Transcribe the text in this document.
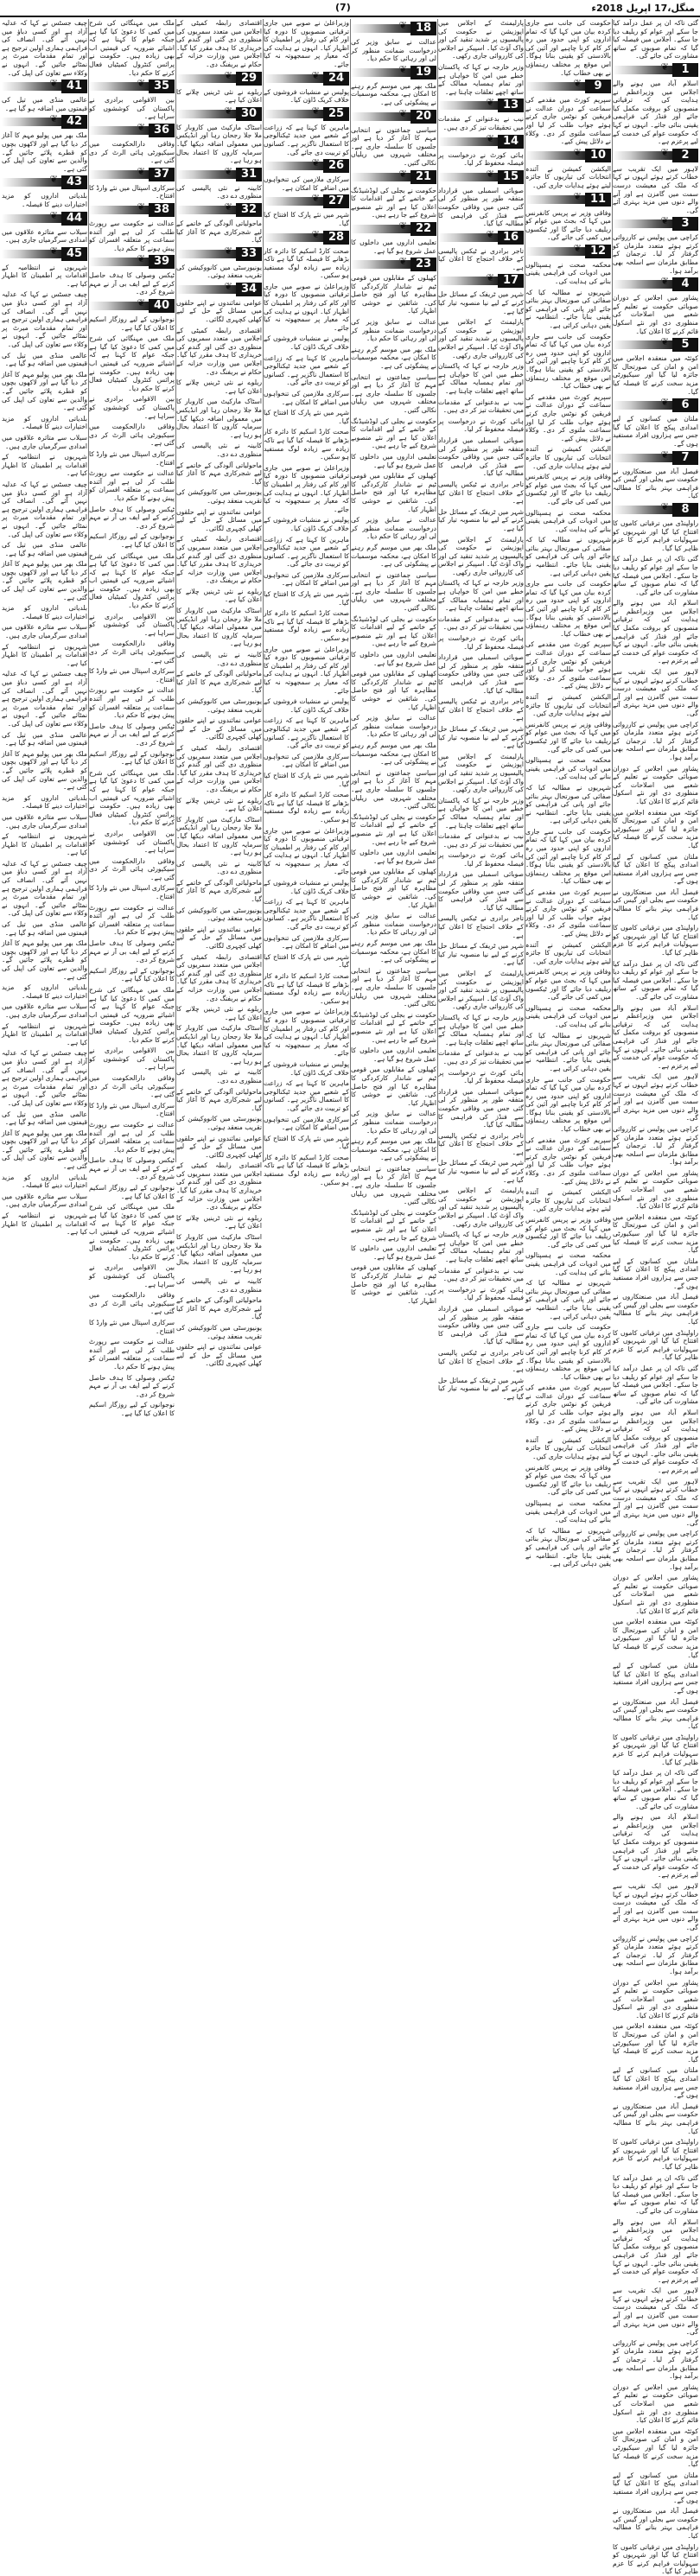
منگل،17 اپریل 2018ء
(7)

گئی تاکہ ان پر عمل درآمد کیا جا سکے اور عوام کو ریلیف دیا جا سکے۔ اجلاس میں فیصلہ کیا گیا کہ تمام صوبوں کے ساتھ مشاورت کی جائے گی۔

❦	1

اسلام آباد میں ہونے والے اجلاس میں وزیراعظم نے ہدایت کی کہ ترقیاتی منصوبوں کو بروقت مکمل کیا جائے اور فنڈز کی فراہمی یقینی بنائی جائے۔ انہوں نے کہا کہ حکومت عوام کی خدمت کے لیے پرعزم ہے۔

❦	2

لاہور میں ایک تقریب سے خطاب کرتے ہوئے انہوں نے کہا کہ ملک کی معیشت درست سمت میں گامزن ہے اور آنے والے دنوں میں مزید بہتری آئے گی۔

❦	3

کراچی میں پولیس نے کارروائی کرتے ہوئے متعدد ملزمان کو گرفتار کر لیا۔ ترجمان کے مطابق ملزمان سے اسلحہ بھی برآمد ہوا۔

❦	4

پشاور میں اجلاس کے دوران صوبائی حکومت نے تعلیم کے شعبے میں اصلاحات کی منظوری دی اور نئے اسکول قائم کرنے کا اعلان کیا۔

❦	5

کوئٹہ میں منعقدہ اجلاس میں امن و امان کی صورتحال کا جائزہ لیا گیا اور سیکیورٹی مزید سخت کرنے کا فیصلہ کیا گیا۔

❦	6

ملتان میں کسانوں کے لیے امدادی پیکج کا اعلان کیا گیا جس سے ہزاروں افراد مستفید ہوں گے۔

❦	7

فیصل آباد میں صنعتکاروں نے حکومت سے بجلی اور گیس کی فراہمی بہتر بنانے کا مطالبہ کیا۔

❦	8

راولپنڈی میں ترقیاتی کاموں کا افتتاح کیا گیا اور شہریوں کو سہولیات فراہم کرنے کا عزم ظاہر کیا گیا۔

گئی تاکہ ان پر عمل درآمد کیا جا سکے اور عوام کو ریلیف دیا جا سکے۔ اجلاس میں فیصلہ کیا گیا کہ تمام صوبوں کے ساتھ مشاورت کی جائے گی۔

اسلام آباد میں ہونے والے اجلاس میں وزیراعظم نے ہدایت کی کہ ترقیاتی منصوبوں کو بروقت مکمل کیا جائے اور فنڈز کی فراہمی یقینی بنائی جائے۔ انہوں نے کہا کہ حکومت عوام کی خدمت کے لیے پرعزم ہے۔

لاہور میں ایک تقریب سے خطاب کرتے ہوئے انہوں نے کہا کہ ملک کی معیشت درست سمت میں گامزن ہے اور آنے والے دنوں میں مزید بہتری آئے گی۔

کراچی میں پولیس نے کارروائی کرتے ہوئے متعدد ملزمان کو گرفتار کر لیا۔ ترجمان کے مطابق ملزمان سے اسلحہ بھی برآمد ہوا۔

پشاور میں اجلاس کے دوران صوبائی حکومت نے تعلیم کے شعبے میں اصلاحات کی منظوری دی اور نئے اسکول قائم کرنے کا اعلان کیا۔

کوئٹہ میں منعقدہ اجلاس میں امن و امان کی صورتحال کا جائزہ لیا گیا اور سیکیورٹی مزید سخت کرنے کا فیصلہ کیا گیا۔

ملتان میں کسانوں کے لیے امدادی پیکج کا اعلان کیا گیا جس سے ہزاروں افراد مستفید ہوں گے۔

فیصل آباد میں صنعتکاروں نے حکومت سے بجلی اور گیس کی فراہمی بہتر بنانے کا مطالبہ کیا۔

راولپنڈی میں ترقیاتی کاموں کا افتتاح کیا گیا اور شہریوں کو سہولیات فراہم کرنے کا عزم ظاہر کیا گیا۔

گئی تاکہ ان پر عمل درآمد کیا جا سکے اور عوام کو ریلیف دیا جا سکے۔ اجلاس میں فیصلہ کیا گیا کہ تمام صوبوں کے ساتھ مشاورت کی جائے گی۔

اسلام آباد میں ہونے والے اجلاس میں وزیراعظم نے ہدایت کی کہ ترقیاتی منصوبوں کو بروقت مکمل کیا جائے اور فنڈز کی فراہمی یقینی بنائی جائے۔ انہوں نے کہا کہ حکومت عوام کی خدمت کے لیے پرعزم ہے۔

لاہور میں ایک تقریب سے خطاب کرتے ہوئے انہوں نے کہا کہ ملک کی معیشت درست سمت میں گامزن ہے اور آنے والے دنوں میں مزید بہتری آئے گی۔

کراچی میں پولیس نے کارروائی کرتے ہوئے متعدد ملزمان کو گرفتار کر لیا۔ ترجمان کے مطابق ملزمان سے اسلحہ بھی برآمد ہوا۔

پشاور میں اجلاس کے دوران صوبائی حکومت نے تعلیم کے شعبے میں اصلاحات کی منظوری دی اور نئے اسکول قائم کرنے کا اعلان کیا۔

کوئٹہ میں منعقدہ اجلاس میں امن و امان کی صورتحال کا جائزہ لیا گیا اور سیکیورٹی مزید سخت کرنے کا فیصلہ کیا گیا۔

ملتان میں کسانوں کے لیے امدادی پیکج کا اعلان کیا گیا جس سے ہزاروں افراد مستفید ہوں گے۔

فیصل آباد میں صنعتکاروں نے حکومت سے بجلی اور گیس کی فراہمی بہتر بنانے کا مطالبہ کیا۔

راولپنڈی میں ترقیاتی کاموں کا افتتاح کیا گیا اور شہریوں کو سہولیات فراہم کرنے کا عزم ظاہر کیا گیا۔

گئی تاکہ ان پر عمل درآمد کیا جا سکے اور عوام کو ریلیف دیا جا سکے۔ اجلاس میں فیصلہ کیا گیا کہ تمام صوبوں کے ساتھ مشاورت کی جائے گی۔

اسلام آباد میں ہونے والے اجلاس میں وزیراعظم نے ہدایت کی کہ ترقیاتی منصوبوں کو بروقت مکمل کیا جائے اور فنڈز کی فراہمی یقینی بنائی جائے۔ انہوں نے کہا کہ حکومت عوام کی خدمت کے لیے پرعزم ہے۔

لاہور میں ایک تقریب سے خطاب کرتے ہوئے انہوں نے کہا کہ ملک کی معیشت درست سمت میں گامزن ہے اور آنے والے دنوں میں مزید بہتری آئے گی۔

کراچی میں پولیس نے کارروائی کرتے ہوئے متعدد ملزمان کو گرفتار کر لیا۔ ترجمان کے مطابق ملزمان سے اسلحہ بھی برآمد ہوا۔

پشاور میں اجلاس کے دوران صوبائی حکومت نے تعلیم کے شعبے میں اصلاحات کی منظوری دی اور نئے اسکول قائم کرنے کا اعلان کیا۔

کوئٹہ میں منعقدہ اجلاس میں امن و امان کی صورتحال کا جائزہ لیا گیا اور سیکیورٹی مزید سخت کرنے کا فیصلہ کیا گیا۔

ملتان میں کسانوں کے لیے امدادی پیکج کا اعلان کیا گیا جس سے ہزاروں افراد مستفید ہوں گے۔

فیصل آباد میں صنعتکاروں نے حکومت سے بجلی اور گیس کی فراہمی بہتر بنانے کا مطالبہ کیا۔

راولپنڈی میں ترقیاتی کاموں کا افتتاح کیا گیا اور شہریوں کو سہولیات فراہم کرنے کا عزم ظاہر کیا گیا۔

گئی تاکہ ان پر عمل درآمد کیا جا سکے اور عوام کو ریلیف دیا جا سکے۔ اجلاس میں فیصلہ کیا گیا کہ تمام صوبوں کے ساتھ مشاورت کی جائے گی۔

اسلام آباد میں ہونے والے اجلاس میں وزیراعظم نے ہدایت کی کہ ترقیاتی منصوبوں کو بروقت مکمل کیا جائے اور فنڈز کی فراہمی یقینی بنائی جائے۔ انہوں نے کہا کہ حکومت عوام کی خدمت کے لیے پرعزم ہے۔

لاہور میں ایک تقریب سے خطاب کرتے ہوئے انہوں نے کہا کہ ملک کی معیشت درست سمت میں گامزن ہے اور آنے والے دنوں میں مزید بہتری آئے گی۔

کراچی میں پولیس نے کارروائی کرتے ہوئے متعدد ملزمان کو گرفتار کر لیا۔ ترجمان کے مطابق ملزمان سے اسلحہ بھی برآمد ہوا۔

پشاور میں اجلاس کے دوران صوبائی حکومت نے تعلیم کے شعبے میں اصلاحات کی منظوری دی اور نئے اسکول قائم کرنے کا اعلان کیا۔

کوئٹہ میں منعقدہ اجلاس میں امن و امان کی صورتحال کا جائزہ لیا گیا اور سیکیورٹی مزید سخت کرنے کا فیصلہ کیا گیا۔

ملتان میں کسانوں کے لیے امدادی پیکج کا اعلان کیا گیا جس سے ہزاروں افراد مستفید ہوں گے۔

فیصل آباد میں صنعتکاروں نے حکومت سے بجلی اور گیس کی فراہمی بہتر بنانے کا مطالبہ کیا۔

راولپنڈی میں ترقیاتی کاموں کا افتتاح کیا گیا اور شہریوں کو سہولیات فراہم کرنے کا عزم ظاہر کیا گیا۔

گئی تاکہ ان پر عمل درآمد کیا جا سکے اور عوام کو ریلیف دیا جا سکے۔ اجلاس میں فیصلہ کیا گیا کہ تمام صوبوں کے ساتھ مشاورت کی جائے گی۔

اسلام آباد میں ہونے والے اجلاس میں وزیراعظم نے ہدایت کی کہ ترقیاتی منصوبوں کو بروقت مکمل کیا جائے اور فنڈز کی فراہمی یقینی بنائی جائے۔ انہوں نے کہا کہ حکومت عوام کی خدمت کے لیے پرعزم ہے۔

لاہور میں ایک تقریب سے خطاب کرتے ہوئے انہوں نے کہا کہ ملک کی معیشت درست سمت میں گامزن ہے اور آنے والے دنوں میں مزید بہتری آئے گی۔

کراچی میں پولیس نے کارروائی کرتے ہوئے متعدد ملزمان کو گرفتار کر لیا۔ ترجمان کے مطابق ملزمان سے اسلحہ بھی برآمد ہوا۔

پشاور میں اجلاس کے دوران صوبائی حکومت نے تعلیم کے شعبے میں اصلاحات کی منظوری دی اور نئے اسکول قائم کرنے کا اعلان کیا۔

کوئٹہ میں منعقدہ اجلاس میں امن و امان کی صورتحال کا جائزہ لیا گیا اور سیکیورٹی مزید سخت کرنے کا فیصلہ کیا گیا۔

ملتان میں کسانوں کے لیے امدادی پیکج کا اعلان کیا گیا جس سے ہزاروں افراد مستفید ہوں گے۔

فیصل آباد میں صنعتکاروں نے حکومت سے بجلی اور گیس کی فراہمی بہتر بنانے کا مطالبہ کیا۔

راولپنڈی میں ترقیاتی کاموں کا افتتاح کیا گیا اور شہریوں کو سہولیات فراہم کرنے کا عزم ظاہر کیا گیا۔

حکومت کی جانب سے جاری کردہ بیان میں کہا گیا کہ تمام اداروں کو اپنی حدود میں رہ کر کام کرنا چاہیے اور آئین کی بالادستی کو یقینی بنانا ہوگا۔ اس موقع پر مختلف رہنماؤں نے بھی خطاب کیا۔

❦	9

سپریم کورٹ میں مقدمے کی سماعت کے دوران عدالت نے فریقین کو نوٹس جاری کرتے ہوئے جواب طلب کر لیا اور سماعت ملتوی کر دی۔ وکلاء نے دلائل پیش کیے۔

❦ 10

الیکشن کمیشن نے آئندہ انتخابات کی تیاریوں کا جائزہ لیتے ہوئے ہدایات جاری کیں۔

❦ 11

وفاقی وزیر نے پریس کانفرنس میں کہا کہ بجٹ میں عوام کو ریلیف دیا جائے گا اور ٹیکسوں میں کمی کی جائے گی۔

❦ 12

محکمہ صحت نے ہسپتالوں میں ادویات کی فراہمی یقینی بنانے کی ہدایت کی۔

شہریوں نے مطالبہ کیا کہ صفائی کی صورتحال بہتر بنائی جائے اور پانی کی فراہمی کو یقینی بنایا جائے۔ انتظامیہ نے یقین دہانی کرائی ہے۔

حکومت کی جانب سے جاری کردہ بیان میں کہا گیا کہ تمام اداروں کو اپنی حدود میں رہ کر کام کرنا چاہیے اور آئین کی بالادستی کو یقینی بنانا ہوگا۔ اس موقع پر مختلف رہنماؤں نے بھی خطاب کیا۔

سپریم کورٹ میں مقدمے کی سماعت کے دوران عدالت نے فریقین کو نوٹس جاری کرتے ہوئے جواب طلب کر لیا اور سماعت ملتوی کر دی۔ وکلاء نے دلائل پیش کیے۔

الیکشن کمیشن نے آئندہ انتخابات کی تیاریوں کا جائزہ لیتے ہوئے ہدایات جاری کیں۔

وفاقی وزیر نے پریس کانفرنس میں کہا کہ بجٹ میں عوام کو ریلیف دیا جائے گا اور ٹیکسوں میں کمی کی جائے گی۔

محکمہ صحت نے ہسپتالوں میں ادویات کی فراہمی یقینی بنانے کی ہدایت کی۔

شہریوں نے مطالبہ کیا کہ صفائی کی صورتحال بہتر بنائی جائے اور پانی کی فراہمی کو یقینی بنایا جائے۔ انتظامیہ نے یقین دہانی کرائی ہے۔

حکومت کی جانب سے جاری کردہ بیان میں کہا گیا کہ تمام اداروں کو اپنی حدود میں رہ کر کام کرنا چاہیے اور آئین کی بالادستی کو یقینی بنانا ہوگا۔ اس موقع پر مختلف رہنماؤں نے بھی خطاب کیا۔

سپریم کورٹ میں مقدمے کی سماعت کے دوران عدالت نے فریقین کو نوٹس جاری کرتے ہوئے جواب طلب کر لیا اور سماعت ملتوی کر دی۔ وکلاء نے دلائل پیش کیے۔

الیکشن کمیشن نے آئندہ انتخابات کی تیاریوں کا جائزہ لیتے ہوئے ہدایات جاری کیں۔

وفاقی وزیر نے پریس کانفرنس میں کہا کہ بجٹ میں عوام کو ریلیف دیا جائے گا اور ٹیکسوں میں کمی کی جائے گی۔

محکمہ صحت نے ہسپتالوں میں ادویات کی فراہمی یقینی بنانے کی ہدایت کی۔

شہریوں نے مطالبہ کیا کہ صفائی کی صورتحال بہتر بنائی جائے اور پانی کی فراہمی کو یقینی بنایا جائے۔ انتظامیہ نے یقین دہانی کرائی ہے۔

حکومت کی جانب سے جاری کردہ بیان میں کہا گیا کہ تمام اداروں کو اپنی حدود میں رہ کر کام کرنا چاہیے اور آئین کی بالادستی کو یقینی بنانا ہوگا۔ اس موقع پر مختلف رہنماؤں نے بھی خطاب کیا۔

سپریم کورٹ میں مقدمے کی سماعت کے دوران عدالت نے فریقین کو نوٹس جاری کرتے ہوئے جواب طلب کر لیا اور سماعت ملتوی کر دی۔ وکلاء نے دلائل پیش کیے۔

الیکشن کمیشن نے آئندہ انتخابات کی تیاریوں کا جائزہ لیتے ہوئے ہدایات جاری کیں۔

وفاقی وزیر نے پریس کانفرنس میں کہا کہ بجٹ میں عوام کو ریلیف دیا جائے گا اور ٹیکسوں میں کمی کی جائے گی۔

محکمہ صحت نے ہسپتالوں میں ادویات کی فراہمی یقینی بنانے کی ہدایت کی۔

شہریوں نے مطالبہ کیا کہ صفائی کی صورتحال بہتر بنائی جائے اور پانی کی فراہمی کو یقینی بنایا جائے۔ انتظامیہ نے یقین دہانی کرائی ہے۔

حکومت کی جانب سے جاری کردہ بیان میں کہا گیا کہ تمام اداروں کو اپنی حدود میں رہ کر کام کرنا چاہیے اور آئین کی بالادستی کو یقینی بنانا ہوگا۔ اس موقع پر مختلف رہنماؤں نے بھی خطاب کیا۔

سپریم کورٹ میں مقدمے کی سماعت کے دوران عدالت نے فریقین کو نوٹس جاری کرتے ہوئے جواب طلب کر لیا اور سماعت ملتوی کر دی۔ وکلاء نے دلائل پیش کیے۔

الیکشن کمیشن نے آئندہ انتخابات کی تیاریوں کا جائزہ لیتے ہوئے ہدایات جاری کیں۔

وفاقی وزیر نے پریس کانفرنس میں کہا کہ بجٹ میں عوام کو ریلیف دیا جائے گا اور ٹیکسوں میں کمی کی جائے گی۔

محکمہ صحت نے ہسپتالوں میں ادویات کی فراہمی یقینی بنانے کی ہدایت کی۔

شہریوں نے مطالبہ کیا کہ صفائی کی صورتحال بہتر بنائی جائے اور پانی کی فراہمی کو یقینی بنایا جائے۔ انتظامیہ نے یقین دہانی کرائی ہے۔

حکومت کی جانب سے جاری کردہ بیان میں کہا گیا کہ تمام اداروں کو اپنی حدود میں رہ کر کام کرنا چاہیے اور آئین کی بالادستی کو یقینی بنانا ہوگا۔ اس موقع پر مختلف رہنماؤں نے بھی خطاب کیا۔

سپریم کورٹ میں مقدمے کی سماعت کے دوران عدالت نے فریقین کو نوٹس جاری کرتے ہوئے جواب طلب کر لیا اور سماعت ملتوی کر دی۔ وکلاء نے دلائل پیش کیے۔

الیکشن کمیشن نے آئندہ انتخابات کی تیاریوں کا جائزہ لیتے ہوئے ہدایات جاری کیں۔

وفاقی وزیر نے پریس کانفرنس میں کہا کہ بجٹ میں عوام کو ریلیف دیا جائے گا اور ٹیکسوں میں کمی کی جائے گی۔

محکمہ صحت نے ہسپتالوں میں ادویات کی فراہمی یقینی بنانے کی ہدایت کی۔

شہریوں نے مطالبہ کیا کہ صفائی کی صورتحال بہتر بنائی جائے اور پانی کی فراہمی کو یقینی بنایا جائے۔ انتظامیہ نے یقین دہانی کرائی ہے۔

پارلیمنٹ کے اجلاس میں اپوزیشن نے حکومت کی پالیسیوں پر شدید تنقید کی اور واک آؤٹ کیا۔ اسپیکر نے اجلاس کی کارروائی جاری رکھی۔

وزیر خارجہ نے کہا کہ پاکستان خطے میں امن کا خواہاں ہے اور تمام ہمسایہ ممالک کے ساتھ اچھے تعلقات چاہتا ہے۔

❦ 13

نیب نے بدعنوانی کے مقدمات میں تحقیقات تیز کر دی ہیں۔

❦ 14

ہائی کورٹ نے درخواست پر فیصلہ محفوظ کر لیا۔

❦ 15

صوبائی اسمبلی میں قرارداد متفقہ طور پر منظور کر لی گئی جس میں وفاقی حکومت سے فنڈز کی فراہمی کا مطالبہ کیا گیا۔

❦ 16

تاجر برادری نے ٹیکس پالیسی کے خلاف احتجاج کا اعلان کیا ہے۔

❦ 17

شہر میں ٹریفک کے مسائل حل کرنے کے لیے نیا منصوبہ تیار کیا گیا ہے۔

پارلیمنٹ کے اجلاس میں اپوزیشن نے حکومت کی پالیسیوں پر شدید تنقید کی اور واک آؤٹ کیا۔ اسپیکر نے اجلاس کی کارروائی جاری رکھی۔

وزیر خارجہ نے کہا کہ پاکستان خطے میں امن کا خواہاں ہے اور تمام ہمسایہ ممالک کے ساتھ اچھے تعلقات چاہتا ہے۔

نیب نے بدعنوانی کے مقدمات میں تحقیقات تیز کر دی ہیں۔

ہائی کورٹ نے درخواست پر فیصلہ محفوظ کر لیا۔

صوبائی اسمبلی میں قرارداد متفقہ طور پر منظور کر لی گئی جس میں وفاقی حکومت سے فنڈز کی فراہمی کا مطالبہ کیا گیا۔

تاجر برادری نے ٹیکس پالیسی کے خلاف احتجاج کا اعلان کیا ہے۔

شہر میں ٹریفک کے مسائل حل کرنے کے لیے نیا منصوبہ تیار کیا گیا ہے۔

پارلیمنٹ کے اجلاس میں اپوزیشن نے حکومت کی پالیسیوں پر شدید تنقید کی اور واک آؤٹ کیا۔ اسپیکر نے اجلاس کی کارروائی جاری رکھی۔

وزیر خارجہ نے کہا کہ پاکستان خطے میں امن کا خواہاں ہے اور تمام ہمسایہ ممالک کے ساتھ اچھے تعلقات چاہتا ہے۔

نیب نے بدعنوانی کے مقدمات میں تحقیقات تیز کر دی ہیں۔

ہائی کورٹ نے درخواست پر فیصلہ محفوظ کر لیا۔

صوبائی اسمبلی میں قرارداد متفقہ طور پر منظور کر لی گئی جس میں وفاقی حکومت سے فنڈز کی فراہمی کا مطالبہ کیا گیا۔

تاجر برادری نے ٹیکس پالیسی کے خلاف احتجاج کا اعلان کیا ہے۔

شہر میں ٹریفک کے مسائل حل کرنے کے لیے نیا منصوبہ تیار کیا گیا ہے۔

پارلیمنٹ کے اجلاس میں اپوزیشن نے حکومت کی پالیسیوں پر شدید تنقید کی اور واک آؤٹ کیا۔ اسپیکر نے اجلاس کی کارروائی جاری رکھی۔

وزیر خارجہ نے کہا کہ پاکستان خطے میں امن کا خواہاں ہے اور تمام ہمسایہ ممالک کے ساتھ اچھے تعلقات چاہتا ہے۔

نیب نے بدعنوانی کے مقدمات میں تحقیقات تیز کر دی ہیں۔

ہائی کورٹ نے درخواست پر فیصلہ محفوظ کر لیا۔

صوبائی اسمبلی میں قرارداد متفقہ طور پر منظور کر لی گئی جس میں وفاقی حکومت سے فنڈز کی فراہمی کا مطالبہ کیا گیا۔

تاجر برادری نے ٹیکس پالیسی کے خلاف احتجاج کا اعلان کیا ہے۔

شہر میں ٹریفک کے مسائل حل کرنے کے لیے نیا منصوبہ تیار کیا گیا ہے۔

پارلیمنٹ کے اجلاس میں اپوزیشن نے حکومت کی پالیسیوں پر شدید تنقید کی اور واک آؤٹ کیا۔ اسپیکر نے اجلاس کی کارروائی جاری رکھی۔

وزیر خارجہ نے کہا کہ پاکستان خطے میں امن کا خواہاں ہے اور تمام ہمسایہ ممالک کے ساتھ اچھے تعلقات چاہتا ہے۔

نیب نے بدعنوانی کے مقدمات میں تحقیقات تیز کر دی ہیں۔

ہائی کورٹ نے درخواست پر فیصلہ محفوظ کر لیا۔

صوبائی اسمبلی میں قرارداد متفقہ طور پر منظور کر لی گئی جس میں وفاقی حکومت سے فنڈز کی فراہمی کا مطالبہ کیا گیا۔

تاجر برادری نے ٹیکس پالیسی کے خلاف احتجاج کا اعلان کیا ہے۔

شہر میں ٹریفک کے مسائل حل کرنے کے لیے نیا منصوبہ تیار کیا گیا ہے۔

پارلیمنٹ کے اجلاس میں اپوزیشن نے حکومت کی پالیسیوں پر شدید تنقید کی اور واک آؤٹ کیا۔ اسپیکر نے اجلاس کی کارروائی جاری رکھی۔

وزیر خارجہ نے کہا کہ پاکستان خطے میں امن کا خواہاں ہے اور تمام ہمسایہ ممالک کے ساتھ اچھے تعلقات چاہتا ہے۔

نیب نے بدعنوانی کے مقدمات میں تحقیقات تیز کر دی ہیں۔

ہائی کورٹ نے درخواست پر فیصلہ محفوظ کر لیا۔

صوبائی اسمبلی میں قرارداد متفقہ طور پر منظور کر لی گئی جس میں وفاقی حکومت سے فنڈز کی فراہمی کا مطالبہ کیا گیا۔

تاجر برادری نے ٹیکس پالیسی کے خلاف احتجاج کا اعلان کیا ہے۔

شہر میں ٹریفک کے مسائل حل کرنے کے لیے نیا منصوبہ تیار کیا گیا ہے۔

❦ 18

عدالت نے سابق وزیر کی درخواست ضمانت منظور کر لی اور رہائی کا حکم دیا۔

❦ 19

ملک بھر میں موسم گرم رہنے کا امکان ہے، محکمہ موسمیات نے پیشگوئی کی ہے۔

❦ 20

سیاسی جماعتوں نے انتخابی مہم کا آغاز کر دیا ہے اور جلسوں کا سلسلہ جاری ہے۔ مختلف شہروں میں ریلیاں نکالی گئیں۔

❦ 21

حکومت نے بجلی کی لوڈشیڈنگ کے خاتمے کے لیے اقدامات کا اعلان کیا ہے اور نئے منصوبے شروع کیے جا رہے ہیں۔

❦ 22

تعلیمی اداروں میں داخلوں کا عمل شروع ہو گیا ہے۔

❦ 23

کھیلوں کے مقابلوں میں قومی ٹیم نے شاندار کارکردگی کا مظاہرہ کیا اور فتح حاصل کی۔ شائقین نے خوشی کا اظہار کیا۔

عدالت نے سابق وزیر کی درخواست ضمانت منظور کر لی اور رہائی کا حکم دیا۔

ملک بھر میں موسم گرم رہنے کا امکان ہے، محکمہ موسمیات نے پیشگوئی کی ہے۔

سیاسی جماعتوں نے انتخابی مہم کا آغاز کر دیا ہے اور جلسوں کا سلسلہ جاری ہے۔ مختلف شہروں میں ریلیاں نکالی گئیں۔

حکومت نے بجلی کی لوڈشیڈنگ کے خاتمے کے لیے اقدامات کا اعلان کیا ہے اور نئے منصوبے شروع کیے جا رہے ہیں۔

تعلیمی اداروں میں داخلوں کا عمل شروع ہو گیا ہے۔

کھیلوں کے مقابلوں میں قومی ٹیم نے شاندار کارکردگی کا مظاہرہ کیا اور فتح حاصل کی۔ شائقین نے خوشی کا اظہار کیا۔

عدالت نے سابق وزیر کی درخواست ضمانت منظور کر لی اور رہائی کا حکم دیا۔

ملک بھر میں موسم گرم رہنے کا امکان ہے، محکمہ موسمیات نے پیشگوئی کی ہے۔

سیاسی جماعتوں نے انتخابی مہم کا آغاز کر دیا ہے اور جلسوں کا سلسلہ جاری ہے۔ مختلف شہروں میں ریلیاں نکالی گئیں۔

حکومت نے بجلی کی لوڈشیڈنگ کے خاتمے کے لیے اقدامات کا اعلان کیا ہے اور نئے منصوبے شروع کیے جا رہے ہیں۔

تعلیمی اداروں میں داخلوں کا عمل شروع ہو گیا ہے۔

کھیلوں کے مقابلوں میں قومی ٹیم نے شاندار کارکردگی کا مظاہرہ کیا اور فتح حاصل کی۔ شائقین نے خوشی کا اظہار کیا۔

عدالت نے سابق وزیر کی درخواست ضمانت منظور کر لی اور رہائی کا حکم دیا۔

ملک بھر میں موسم گرم رہنے کا امکان ہے، محکمہ موسمیات نے پیشگوئی کی ہے۔

سیاسی جماعتوں نے انتخابی مہم کا آغاز کر دیا ہے اور جلسوں کا سلسلہ جاری ہے۔ مختلف شہروں میں ریلیاں نکالی گئیں۔

حکومت نے بجلی کی لوڈشیڈنگ کے خاتمے کے لیے اقدامات کا اعلان کیا ہے اور نئے منصوبے شروع کیے جا رہے ہیں۔

تعلیمی اداروں میں داخلوں کا عمل شروع ہو گیا ہے۔

کھیلوں کے مقابلوں میں قومی ٹیم نے شاندار کارکردگی کا مظاہرہ کیا اور فتح حاصل کی۔ شائقین نے خوشی کا اظہار کیا۔

عدالت نے سابق وزیر کی درخواست ضمانت منظور کر لی اور رہائی کا حکم دیا۔

ملک بھر میں موسم گرم رہنے کا امکان ہے، محکمہ موسمیات نے پیشگوئی کی ہے۔

سیاسی جماعتوں نے انتخابی مہم کا آغاز کر دیا ہے اور جلسوں کا سلسلہ جاری ہے۔ مختلف شہروں میں ریلیاں نکالی گئیں۔

حکومت نے بجلی کی لوڈشیڈنگ کے خاتمے کے لیے اقدامات کا اعلان کیا ہے اور نئے منصوبے شروع کیے جا رہے ہیں۔

تعلیمی اداروں میں داخلوں کا عمل شروع ہو گیا ہے۔

کھیلوں کے مقابلوں میں قومی ٹیم نے شاندار کارکردگی کا مظاہرہ کیا اور فتح حاصل کی۔ شائقین نے خوشی کا اظہار کیا۔

عدالت نے سابق وزیر کی درخواست ضمانت منظور کر لی اور رہائی کا حکم دیا۔

ملک بھر میں موسم گرم رہنے کا امکان ہے، محکمہ موسمیات نے پیشگوئی کی ہے۔

سیاسی جماعتوں نے انتخابی مہم کا آغاز کر دیا ہے اور جلسوں کا سلسلہ جاری ہے۔ مختلف شہروں میں ریلیاں نکالی گئیں۔

حکومت نے بجلی کی لوڈشیڈنگ کے خاتمے کے لیے اقدامات کا اعلان کیا ہے اور نئے منصوبے شروع کیے جا رہے ہیں۔

تعلیمی اداروں میں داخلوں کا عمل شروع ہو گیا ہے۔

کھیلوں کے مقابلوں میں قومی ٹیم نے شاندار کارکردگی کا مظاہرہ کیا اور فتح حاصل کی۔ شائقین نے خوشی کا اظہار کیا۔

وزیراعلیٰ نے صوبے میں جاری ترقیاتی منصوبوں کا دورہ کیا اور کام کی رفتار پر اطمینان کا اظہار کیا۔ انہوں نے ہدایت کی کہ معیار پر سمجھوتہ نہ کیا جائے۔

❦ 24

پولیس نے منشیات فروشوں کے خلاف کریک ڈاؤن کیا۔

❦ 25

ماہرین کا کہنا ہے کہ زراعت کے شعبے میں جدید ٹیکنالوجی کا استعمال ناگزیر ہے۔ کسانوں کو تربیت دی جائے گی۔

❦ 26

سرکاری ملازمین کی تنخواہوں میں اضافے کا امکان ہے۔

❦ 27

شہر میں نئے پارک کا افتتاح کیا گیا۔

❦ 28

صحت کارڈ اسکیم کا دائرہ کار بڑھانے کا فیصلہ کیا گیا ہے تاکہ زیادہ سے زیادہ لوگ مستفید ہو سکیں۔

وزیراعلیٰ نے صوبے میں جاری ترقیاتی منصوبوں کا دورہ کیا اور کام کی رفتار پر اطمینان کا اظہار کیا۔ انہوں نے ہدایت کی کہ معیار پر سمجھوتہ نہ کیا جائے۔

پولیس نے منشیات فروشوں کے خلاف کریک ڈاؤن کیا۔

ماہرین کا کہنا ہے کہ زراعت کے شعبے میں جدید ٹیکنالوجی کا استعمال ناگزیر ہے۔ کسانوں کو تربیت دی جائے گی۔

سرکاری ملازمین کی تنخواہوں میں اضافے کا امکان ہے۔

شہر میں نئے پارک کا افتتاح کیا گیا۔

صحت کارڈ اسکیم کا دائرہ کار بڑھانے کا فیصلہ کیا گیا ہے تاکہ زیادہ سے زیادہ لوگ مستفید ہو سکیں۔

وزیراعلیٰ نے صوبے میں جاری ترقیاتی منصوبوں کا دورہ کیا اور کام کی رفتار پر اطمینان کا اظہار کیا۔ انہوں نے ہدایت کی کہ معیار پر سمجھوتہ نہ کیا جائے۔

پولیس نے منشیات فروشوں کے خلاف کریک ڈاؤن کیا۔

ماہرین کا کہنا ہے کہ زراعت کے شعبے میں جدید ٹیکنالوجی کا استعمال ناگزیر ہے۔ کسانوں کو تربیت دی جائے گی۔

سرکاری ملازمین کی تنخواہوں میں اضافے کا امکان ہے۔

شہر میں نئے پارک کا افتتاح کیا گیا۔

صحت کارڈ اسکیم کا دائرہ کار بڑھانے کا فیصلہ کیا گیا ہے تاکہ زیادہ سے زیادہ لوگ مستفید ہو سکیں۔

وزیراعلیٰ نے صوبے میں جاری ترقیاتی منصوبوں کا دورہ کیا اور کام کی رفتار پر اطمینان کا اظہار کیا۔ انہوں نے ہدایت کی کہ معیار پر سمجھوتہ نہ کیا جائے۔

پولیس نے منشیات فروشوں کے خلاف کریک ڈاؤن کیا۔

ماہرین کا کہنا ہے کہ زراعت کے شعبے میں جدید ٹیکنالوجی کا استعمال ناگزیر ہے۔ کسانوں کو تربیت دی جائے گی۔

سرکاری ملازمین کی تنخواہوں میں اضافے کا امکان ہے۔

شہر میں نئے پارک کا افتتاح کیا گیا۔

صحت کارڈ اسکیم کا دائرہ کار بڑھانے کا فیصلہ کیا گیا ہے تاکہ زیادہ سے زیادہ لوگ مستفید ہو سکیں۔

وزیراعلیٰ نے صوبے میں جاری ترقیاتی منصوبوں کا دورہ کیا اور کام کی رفتار پر اطمینان کا اظہار کیا۔ انہوں نے ہدایت کی کہ معیار پر سمجھوتہ نہ کیا جائے۔

پولیس نے منشیات فروشوں کے خلاف کریک ڈاؤن کیا۔

ماہرین کا کہنا ہے کہ زراعت کے شعبے میں جدید ٹیکنالوجی کا استعمال ناگزیر ہے۔ کسانوں کو تربیت دی جائے گی۔

سرکاری ملازمین کی تنخواہوں میں اضافے کا امکان ہے۔

شہر میں نئے پارک کا افتتاح کیا گیا۔

صحت کارڈ اسکیم کا دائرہ کار بڑھانے کا فیصلہ کیا گیا ہے تاکہ زیادہ سے زیادہ لوگ مستفید ہو سکیں۔

وزیراعلیٰ نے صوبے میں جاری ترقیاتی منصوبوں کا دورہ کیا اور کام کی رفتار پر اطمینان کا اظہار کیا۔ انہوں نے ہدایت کی کہ معیار پر سمجھوتہ نہ کیا جائے۔

پولیس نے منشیات فروشوں کے خلاف کریک ڈاؤن کیا۔

ماہرین کا کہنا ہے کہ زراعت کے شعبے میں جدید ٹیکنالوجی کا استعمال ناگزیر ہے۔ کسانوں کو تربیت دی جائے گی۔

سرکاری ملازمین کی تنخواہوں میں اضافے کا امکان ہے۔

شہر میں نئے پارک کا افتتاح کیا گیا۔

صحت کارڈ اسکیم کا دائرہ کار بڑھانے کا فیصلہ کیا گیا ہے تاکہ زیادہ سے زیادہ لوگ مستفید ہو سکیں۔

اقتصادی رابطہ کمیٹی کے اجلاس میں متعدد سمریوں کی منظوری دی گئی اور گندم کی خریداری کا ہدف مقرر کیا گیا۔ اجلاس میں وزارت خزانہ کے حکام نے بریفنگ دی۔

❦ 29

ریلوے نے نئی ٹرینیں چلانے کا اعلان کیا ہے۔

❦ 30

اسٹاک مارکیٹ میں کاروبار کا ملا جلا رجحان رہا اور انڈیکس میں معمولی اضافہ دیکھا گیا۔ سرمایہ کاروں کا اعتماد بحال ہو رہا ہے۔

❦ 31

کابینہ نے نئی پالیسی کی منظوری دے دی۔

❦ 32

ماحولیاتی آلودگی کے خاتمے کے لیے شجرکاری مہم کا آغاز کیا گیا۔

❦ 33

یونیورسٹی میں کانووکیشن کی تقریب منعقد ہوئی۔

❦ 34

عوامی نمائندوں نے اپنے حلقوں میں مسائل کے حل کے لیے کھلی کچہری لگائی۔

اقتصادی رابطہ کمیٹی کے اجلاس میں متعدد سمریوں کی منظوری دی گئی اور گندم کی خریداری کا ہدف مقرر کیا گیا۔ اجلاس میں وزارت خزانہ کے حکام نے بریفنگ دی۔

ریلوے نے نئی ٹرینیں چلانے کا اعلان کیا ہے۔

اسٹاک مارکیٹ میں کاروبار کا ملا جلا رجحان رہا اور انڈیکس میں معمولی اضافہ دیکھا گیا۔ سرمایہ کاروں کا اعتماد بحال ہو رہا ہے۔

کابینہ نے نئی پالیسی کی منظوری دے دی۔

ماحولیاتی آلودگی کے خاتمے کے لیے شجرکاری مہم کا آغاز کیا گیا۔

یونیورسٹی میں کانووکیشن کی تقریب منعقد ہوئی۔

عوامی نمائندوں نے اپنے حلقوں میں مسائل کے حل کے لیے کھلی کچہری لگائی۔

اقتصادی رابطہ کمیٹی کے اجلاس میں متعدد سمریوں کی منظوری دی گئی اور گندم کی خریداری کا ہدف مقرر کیا گیا۔ اجلاس میں وزارت خزانہ کے حکام نے بریفنگ دی۔

ریلوے نے نئی ٹرینیں چلانے کا اعلان کیا ہے۔

اسٹاک مارکیٹ میں کاروبار کا ملا جلا رجحان رہا اور انڈیکس میں معمولی اضافہ دیکھا گیا۔ سرمایہ کاروں کا اعتماد بحال ہو رہا ہے۔

کابینہ نے نئی پالیسی کی منظوری دے دی۔

ماحولیاتی آلودگی کے خاتمے کے لیے شجرکاری مہم کا آغاز کیا گیا۔

یونیورسٹی میں کانووکیشن کی تقریب منعقد ہوئی۔

عوامی نمائندوں نے اپنے حلقوں میں مسائل کے حل کے لیے کھلی کچہری لگائی۔

اقتصادی رابطہ کمیٹی کے اجلاس میں متعدد سمریوں کی منظوری دی گئی اور گندم کی خریداری کا ہدف مقرر کیا گیا۔ اجلاس میں وزارت خزانہ کے حکام نے بریفنگ دی۔

ریلوے نے نئی ٹرینیں چلانے کا اعلان کیا ہے۔

اسٹاک مارکیٹ میں کاروبار کا ملا جلا رجحان رہا اور انڈیکس میں معمولی اضافہ دیکھا گیا۔ سرمایہ کاروں کا اعتماد بحال ہو رہا ہے۔

کابینہ نے نئی پالیسی کی منظوری دے دی۔

ماحولیاتی آلودگی کے خاتمے کے لیے شجرکاری مہم کا آغاز کیا گیا۔

یونیورسٹی میں کانووکیشن کی تقریب منعقد ہوئی۔

عوامی نمائندوں نے اپنے حلقوں میں مسائل کے حل کے لیے کھلی کچہری لگائی۔

اقتصادی رابطہ کمیٹی کے اجلاس میں متعدد سمریوں کی منظوری دی گئی اور گندم کی خریداری کا ہدف مقرر کیا گیا۔ اجلاس میں وزارت خزانہ کے حکام نے بریفنگ دی۔

ریلوے نے نئی ٹرینیں چلانے کا اعلان کیا ہے۔

اسٹاک مارکیٹ میں کاروبار کا ملا جلا رجحان رہا اور انڈیکس میں معمولی اضافہ دیکھا گیا۔ سرمایہ کاروں کا اعتماد بحال ہو رہا ہے۔

کابینہ نے نئی پالیسی کی منظوری دے دی۔

ماحولیاتی آلودگی کے خاتمے کے لیے شجرکاری مہم کا آغاز کیا گیا۔

یونیورسٹی میں کانووکیشن کی تقریب منعقد ہوئی۔

عوامی نمائندوں نے اپنے حلقوں میں مسائل کے حل کے لیے کھلی کچہری لگائی۔

اقتصادی رابطہ کمیٹی کے اجلاس میں متعدد سمریوں کی منظوری دی گئی اور گندم کی خریداری کا ہدف مقرر کیا گیا۔ اجلاس میں وزارت خزانہ کے حکام نے بریفنگ دی۔

ریلوے نے نئی ٹرینیں چلانے کا اعلان کیا ہے۔

اسٹاک مارکیٹ میں کاروبار کا ملا جلا رجحان رہا اور انڈیکس میں معمولی اضافہ دیکھا گیا۔ سرمایہ کاروں کا اعتماد بحال ہو رہا ہے۔

کابینہ نے نئی پالیسی کی منظوری دے دی۔

ماحولیاتی آلودگی کے خاتمے کے لیے شجرکاری مہم کا آغاز کیا گیا۔

یونیورسٹی میں کانووکیشن کی تقریب منعقد ہوئی۔

عوامی نمائندوں نے اپنے حلقوں میں مسائل کے حل کے لیے کھلی کچہری لگائی۔

ملک میں مہنگائی کی شرح میں کمی کا دعویٰ کیا گیا ہے جبکہ عوام کا کہنا ہے کہ اشیائے ضروریہ کی قیمتیں اب بھی زیادہ ہیں۔ حکومت نے پرائس کنٹرول کمیٹیاں فعال کرنے کا حکم دیا۔

❦ 35

بین الاقوامی برادری نے پاکستان کی کوششوں کو سراہا ہے۔

❦ 36

وفاقی دارالحکومت میں سیکیورٹی ہائی الرٹ کر دی گئی ہے۔

❦ 37

سرکاری اسپتال میں نئے وارڈ کا افتتاح۔

❦ 38

عدالت نے حکومت سے رپورٹ طلب کر لی ہے اور آئندہ سماعت پر متعلقہ افسران کو پیش ہونے کا حکم دیا۔

❦ 39

ٹیکس وصولی کا ہدف حاصل کرنے کے لیے ایف بی آر نے مہم شروع کر دی۔

❦ 40

نوجوانوں کے لیے روزگار اسکیم کا اعلان کیا گیا ہے۔

ملک میں مہنگائی کی شرح میں کمی کا دعویٰ کیا گیا ہے جبکہ عوام کا کہنا ہے کہ اشیائے ضروریہ کی قیمتیں اب بھی زیادہ ہیں۔ حکومت نے پرائس کنٹرول کمیٹیاں فعال کرنے کا حکم دیا۔

بین الاقوامی برادری نے پاکستان کی کوششوں کو سراہا ہے۔

وفاقی دارالحکومت میں سیکیورٹی ہائی الرٹ کر دی گئی ہے۔

سرکاری اسپتال میں نئے وارڈ کا افتتاح۔

عدالت نے حکومت سے رپورٹ طلب کر لی ہے اور آئندہ سماعت پر متعلقہ افسران کو پیش ہونے کا حکم دیا۔

ٹیکس وصولی کا ہدف حاصل کرنے کے لیے ایف بی آر نے مہم شروع کر دی۔

نوجوانوں کے لیے روزگار اسکیم کا اعلان کیا گیا ہے۔

ملک میں مہنگائی کی شرح میں کمی کا دعویٰ کیا گیا ہے جبکہ عوام کا کہنا ہے کہ اشیائے ضروریہ کی قیمتیں اب بھی زیادہ ہیں۔ حکومت نے پرائس کنٹرول کمیٹیاں فعال کرنے کا حکم دیا۔

بین الاقوامی برادری نے پاکستان کی کوششوں کو سراہا ہے۔

وفاقی دارالحکومت میں سیکیورٹی ہائی الرٹ کر دی گئی ہے۔

سرکاری اسپتال میں نئے وارڈ کا افتتاح۔

عدالت نے حکومت سے رپورٹ طلب کر لی ہے اور آئندہ سماعت پر متعلقہ افسران کو پیش ہونے کا حکم دیا۔

ٹیکس وصولی کا ہدف حاصل کرنے کے لیے ایف بی آر نے مہم شروع کر دی۔

نوجوانوں کے لیے روزگار اسکیم کا اعلان کیا گیا ہے۔

ملک میں مہنگائی کی شرح میں کمی کا دعویٰ کیا گیا ہے جبکہ عوام کا کہنا ہے کہ اشیائے ضروریہ کی قیمتیں اب بھی زیادہ ہیں۔ حکومت نے پرائس کنٹرول کمیٹیاں فعال کرنے کا حکم دیا۔

بین الاقوامی برادری نے پاکستان کی کوششوں کو سراہا ہے۔

وفاقی دارالحکومت میں سیکیورٹی ہائی الرٹ کر دی گئی ہے۔

سرکاری اسپتال میں نئے وارڈ کا افتتاح۔

عدالت نے حکومت سے رپورٹ طلب کر لی ہے اور آئندہ سماعت پر متعلقہ افسران کو پیش ہونے کا حکم دیا۔

ٹیکس وصولی کا ہدف حاصل کرنے کے لیے ایف بی آر نے مہم شروع کر دی۔

نوجوانوں کے لیے روزگار اسکیم کا اعلان کیا گیا ہے۔

ملک میں مہنگائی کی شرح میں کمی کا دعویٰ کیا گیا ہے جبکہ عوام کا کہنا ہے کہ اشیائے ضروریہ کی قیمتیں اب بھی زیادہ ہیں۔ حکومت نے پرائس کنٹرول کمیٹیاں فعال کرنے کا حکم دیا۔

بین الاقوامی برادری نے پاکستان کی کوششوں کو سراہا ہے۔

وفاقی دارالحکومت میں سیکیورٹی ہائی الرٹ کر دی گئی ہے۔

سرکاری اسپتال میں نئے وارڈ کا افتتاح۔

عدالت نے حکومت سے رپورٹ طلب کر لی ہے اور آئندہ سماعت پر متعلقہ افسران کو پیش ہونے کا حکم دیا۔

ٹیکس وصولی کا ہدف حاصل کرنے کے لیے ایف بی آر نے مہم شروع کر دی۔

نوجوانوں کے لیے روزگار اسکیم کا اعلان کیا گیا ہے۔

ملک میں مہنگائی کی شرح میں کمی کا دعویٰ کیا گیا ہے جبکہ عوام کا کہنا ہے کہ اشیائے ضروریہ کی قیمتیں اب بھی زیادہ ہیں۔ حکومت نے پرائس کنٹرول کمیٹیاں فعال کرنے کا حکم دیا۔

بین الاقوامی برادری نے پاکستان کی کوششوں کو سراہا ہے۔

وفاقی دارالحکومت میں سیکیورٹی ہائی الرٹ کر دی گئی ہے۔

سرکاری اسپتال میں نئے وارڈ کا افتتاح۔

عدالت نے حکومت سے رپورٹ طلب کر لی ہے اور آئندہ سماعت پر متعلقہ افسران کو پیش ہونے کا حکم دیا۔

ٹیکس وصولی کا ہدف حاصل کرنے کے لیے ایف بی آر نے مہم شروع کر دی۔

نوجوانوں کے لیے روزگار اسکیم کا اعلان کیا گیا ہے۔

چیف جسٹس نے کہا کہ عدلیہ آزاد ہے اور کسی دباؤ میں نہیں آئے گی۔ انصاف کی فراہمی ہماری اولین ترجیح ہے اور تمام مقدمات میرٹ پر نمٹائے جائیں گے۔ انہوں نے وکلاء سے تعاون کی اپیل کی۔

❦ 41

عالمی منڈی میں تیل کی قیمتوں میں اضافہ ہو گیا ہے۔

❦ 42

ملک بھر میں پولیو مہم کا آغاز کر دیا گیا ہے اور لاکھوں بچوں کو قطرے پلائے جائیں گے۔ والدین سے تعاون کی اپیل کی گئی ہے۔

❦ 43

بلدیاتی اداروں کو مزید اختیارات دینے کا فیصلہ۔

❦ 44

سیلاب سے متاثرہ علاقوں میں امدادی سرگرمیاں جاری ہیں۔

❦ 45

شہریوں نے انتظامیہ کے اقدامات پر اطمینان کا اظہار کیا ہے۔

چیف جسٹس نے کہا کہ عدلیہ آزاد ہے اور کسی دباؤ میں نہیں آئے گی۔ انصاف کی فراہمی ہماری اولین ترجیح ہے اور تمام مقدمات میرٹ پر نمٹائے جائیں گے۔ انہوں نے وکلاء سے تعاون کی اپیل کی۔

عالمی منڈی میں تیل کی قیمتوں میں اضافہ ہو گیا ہے۔

ملک بھر میں پولیو مہم کا آغاز کر دیا گیا ہے اور لاکھوں بچوں کو قطرے پلائے جائیں گے۔ والدین سے تعاون کی اپیل کی گئی ہے۔

بلدیاتی اداروں کو مزید اختیارات دینے کا فیصلہ۔

سیلاب سے متاثرہ علاقوں میں امدادی سرگرمیاں جاری ہیں۔

شہریوں نے انتظامیہ کے اقدامات پر اطمینان کا اظہار کیا ہے۔

چیف جسٹس نے کہا کہ عدلیہ آزاد ہے اور کسی دباؤ میں نہیں آئے گی۔ انصاف کی فراہمی ہماری اولین ترجیح ہے اور تمام مقدمات میرٹ پر نمٹائے جائیں گے۔ انہوں نے وکلاء سے تعاون کی اپیل کی۔

عالمی منڈی میں تیل کی قیمتوں میں اضافہ ہو گیا ہے۔

ملک بھر میں پولیو مہم کا آغاز کر دیا گیا ہے اور لاکھوں بچوں کو قطرے پلائے جائیں گے۔ والدین سے تعاون کی اپیل کی گئی ہے۔

بلدیاتی اداروں کو مزید اختیارات دینے کا فیصلہ۔

سیلاب سے متاثرہ علاقوں میں امدادی سرگرمیاں جاری ہیں۔

شہریوں نے انتظامیہ کے اقدامات پر اطمینان کا اظہار کیا ہے۔

چیف جسٹس نے کہا کہ عدلیہ آزاد ہے اور کسی دباؤ میں نہیں آئے گی۔ انصاف کی فراہمی ہماری اولین ترجیح ہے اور تمام مقدمات میرٹ پر نمٹائے جائیں گے۔ انہوں نے وکلاء سے تعاون کی اپیل کی۔

عالمی منڈی میں تیل کی قیمتوں میں اضافہ ہو گیا ہے۔

ملک بھر میں پولیو مہم کا آغاز کر دیا گیا ہے اور لاکھوں بچوں کو قطرے پلائے جائیں گے۔ والدین سے تعاون کی اپیل کی گئی ہے۔

بلدیاتی اداروں کو مزید اختیارات دینے کا فیصلہ۔

سیلاب سے متاثرہ علاقوں میں امدادی سرگرمیاں جاری ہیں۔

شہریوں نے انتظامیہ کے اقدامات پر اطمینان کا اظہار کیا ہے۔

چیف جسٹس نے کہا کہ عدلیہ آزاد ہے اور کسی دباؤ میں نہیں آئے گی۔ انصاف کی فراہمی ہماری اولین ترجیح ہے اور تمام مقدمات میرٹ پر نمٹائے جائیں گے۔ انہوں نے وکلاء سے تعاون کی اپیل کی۔

عالمی منڈی میں تیل کی قیمتوں میں اضافہ ہو گیا ہے۔

ملک بھر میں پولیو مہم کا آغاز کر دیا گیا ہے اور لاکھوں بچوں کو قطرے پلائے جائیں گے۔ والدین سے تعاون کی اپیل کی گئی ہے۔

بلدیاتی اداروں کو مزید اختیارات دینے کا فیصلہ۔

سیلاب سے متاثرہ علاقوں میں امدادی سرگرمیاں جاری ہیں۔

شہریوں نے انتظامیہ کے اقدامات پر اطمینان کا اظہار کیا ہے۔

چیف جسٹس نے کہا کہ عدلیہ آزاد ہے اور کسی دباؤ میں نہیں آئے گی۔ انصاف کی فراہمی ہماری اولین ترجیح ہے اور تمام مقدمات میرٹ پر نمٹائے جائیں گے۔ انہوں نے وکلاء سے تعاون کی اپیل کی۔

عالمی منڈی میں تیل کی قیمتوں میں اضافہ ہو گیا ہے۔

ملک بھر میں پولیو مہم کا آغاز کر دیا گیا ہے اور لاکھوں بچوں کو قطرے پلائے جائیں گے۔ والدین سے تعاون کی اپیل کی گئی ہے۔

بلدیاتی اداروں کو مزید اختیارات دینے کا فیصلہ۔

سیلاب سے متاثرہ علاقوں میں امدادی سرگرمیاں جاری ہیں۔

شہریوں نے انتظامیہ کے اقدامات پر اطمینان کا اظہار کیا ہے۔
